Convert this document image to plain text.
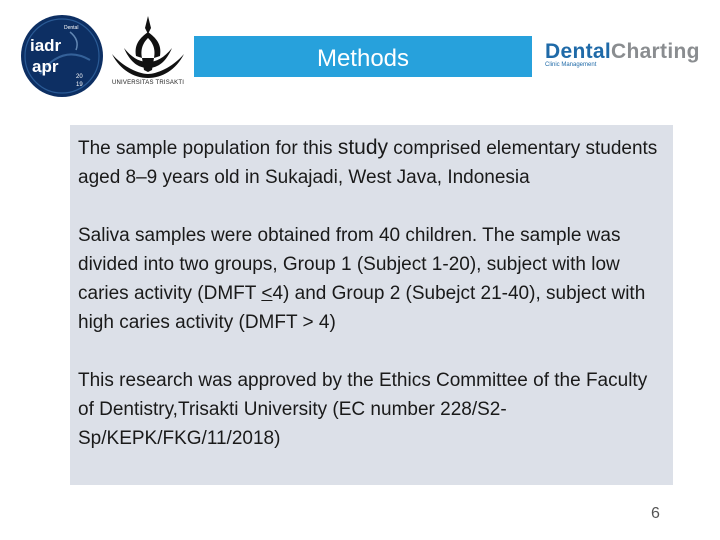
iadr
apr
Dental
20
19	UNIVERSITAS TRISAKTI
Methods	DentalCharting
Clinic Management

The sample population for this study comprised elementary students aged 8–9 years old in Sukajadi, West Java, Indonesia

Saliva samples were obtained from 40 children. The sample was divided into two groups, Group 1 (Subject 1-20), subject with low caries activity (DMFT <4) and Group 2 (Subejct 21-40), subject with high caries activity (DMFT > 4)

This research was approved by the Ethics Committee of the Faculty of Dentistry,Trisakti University (EC number 228/S2-Sp/KEPK/FKG/11/2018)

6
